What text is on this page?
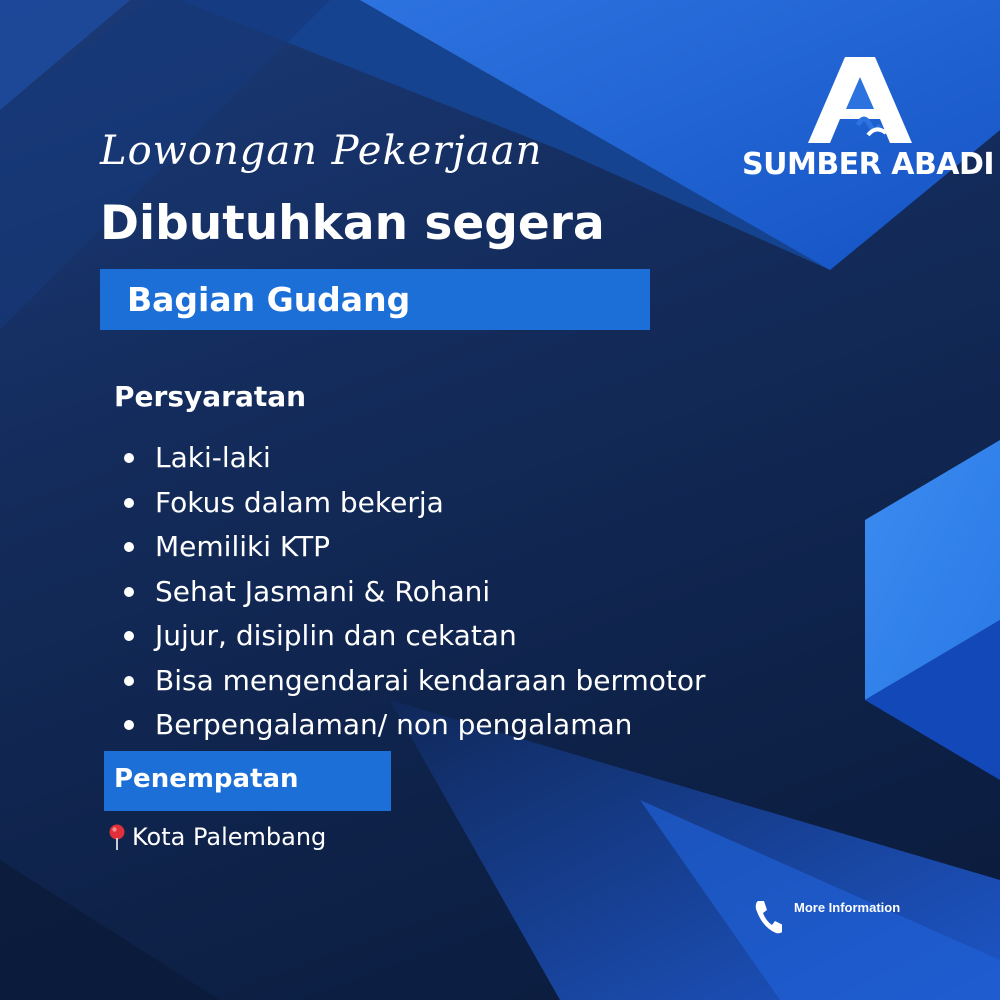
SUMBER ABADI
Lowongan Pekerjaan
Dibutuhkan segera
Bagian Gudang
Persyaratan
Laki-laki
Fokus dalam bekerja
Memiliki KTP
Sehat Jasmani & Rohani
Jujur, disiplin dan cekatan
Bisa mengendarai kendaraan bermotor
Berpengalaman/ non pengalaman
Penempatan
Kota Palembang
More Information
